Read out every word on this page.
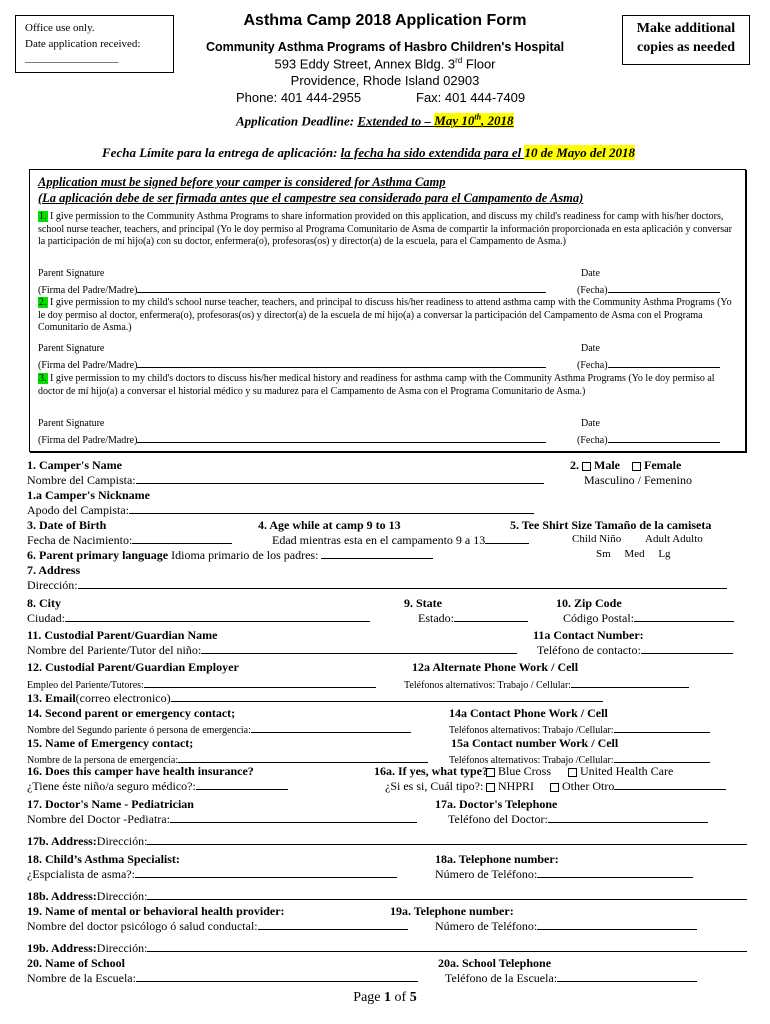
Office use only.
Date application received:
_________________
Asthma Camp 2018 Application Form
Community Asthma Programs of Hasbro Children's Hospital
593 Eddy Street, Annex Bldg. 3rd Floor
Providence, Rhode Island 02903
Phone: 401 444-2955	Fax: 401 444-7409
Make additional
copies as needed
Application Deadline: Extended to – May 10th, 2018
Fecha Límite para la entrega de aplicación: la fecha ha sido extendida para el 10 de Mayo del 2018
Application must be signed before your camper is considered for Asthma Camp
(La aplicación debe de ser firmada antes que el campestre sea considerado para el Campamento de Asma)
1. I give permission to the Community Asthma Programs to share information provided on this application, and discuss my child's readiness for camp with his/her doctors, school nurse teacher, teachers, and principal (Yo le doy permiso al Programa Comunitario de Asma de compartir la información proporcionada en esta aplicación y conversar la participación de mí hijo(a) con su doctor, enfermera(o), profesoras(os) y director(a) de la escuela, para el Campamento de Asma.)
Parent Signature	Date
(Firma del Padre/Madre)	(Fecha)
2. I give permission to my child's school nurse teacher, teachers, and principal to discuss his/her readiness to attend asthma camp with the Community Asthma Programs (Yo le doy permiso al doctor, enfermera(o), profesoras(os) y director(a) de la escuela de mí hijo(a) a conversar la participación del Campamento de Asma con el Programa Comunitario de Asma.)
Parent Signature	Date
(Firma del Padre/Madre)	(Fecha)
3. I give permission to my child's doctors to discuss his/her medical history and readiness for asthma camp with the Community Asthma Programs (Yo le doy permiso al doctor de mí hijo(a) a conversar el historial médico y su madurez para el Campamento de Asma con el Programa Comunitario de Asma.)
Parent Signature	Date
(Firma del Padre/Madre)	(Fecha)
1. Camper's Name
Nombre del Campista:
2. Male Female
Masculino / Femenino
1.a Camper's Nickname
Apodo del Campista:
3. Date of Birth	4. Age while at camp 9 to 13	5. Tee Shirt Size Tamaño de la camiseta
Fecha de Nacimiento:	Edad mientras esta en el campamento 9 a 13	Child Niño Adult Adulto
Sm     Med     Lg
6. Parent primary language Idioma primario de los padres:
7. Address
Dirección:
8. City	9. State	10. Zip Code
Ciudad:	Estado:	Código Postal:
11. Custodial Parent/Guardian Name	11a Contact Number:
Nombre del Pariente/Tutor del niño:	Teléfono de contacto:
12. Custodial Parent/Guardian Employer	12a Alternate Phone Work / Cell
Empleo del Pariente/Tutores:	Teléfonos alternativos: Trabajo / Cellular:
13. Email(correo electronico)
14. Second parent or emergency contact;	14a Contact Phone Work / Cell
Nombre del Segundo pariente ó persona de emergencia:	Teléfonos alternativos: Trabajo /Cellular:
15. Name of Emergency contact;	15a Contact number Work / Cell
Nombre de la persona de emergencia:	Teléfonos alternativos: Trabajo /Cellular:
16. Does this camper have health insurance?	16a. If yes, what type? Blue Cross	United Health Care
¿Tiene éste niño/a seguro médico?:	¿Si es si, Cuál tipo?:	NHPRI	Other Otro
17. Doctor's Name - Pediatrician	17a. Doctor's Telephone
Nombre del Doctor -Pediatra:	Teléfono del Doctor:
17b. Address:Dirección:
18. Child’s Asthma Specialist:	18a. Telephone number:
¿Espcialista de asma?:	Número de Teléfono:
18b. Address:Dirección:
19. Name of mental or behavioral health provider:	19a. Telephone number:
Nombre del doctor psicólogo ó salud conductal:	Número de Teléfono:
19b. Address:Dirección:
20. Name of School	20a. School Telephone
Nombre de la Escuela:	Teléfono de la Escuela:
Page 1 of 5
